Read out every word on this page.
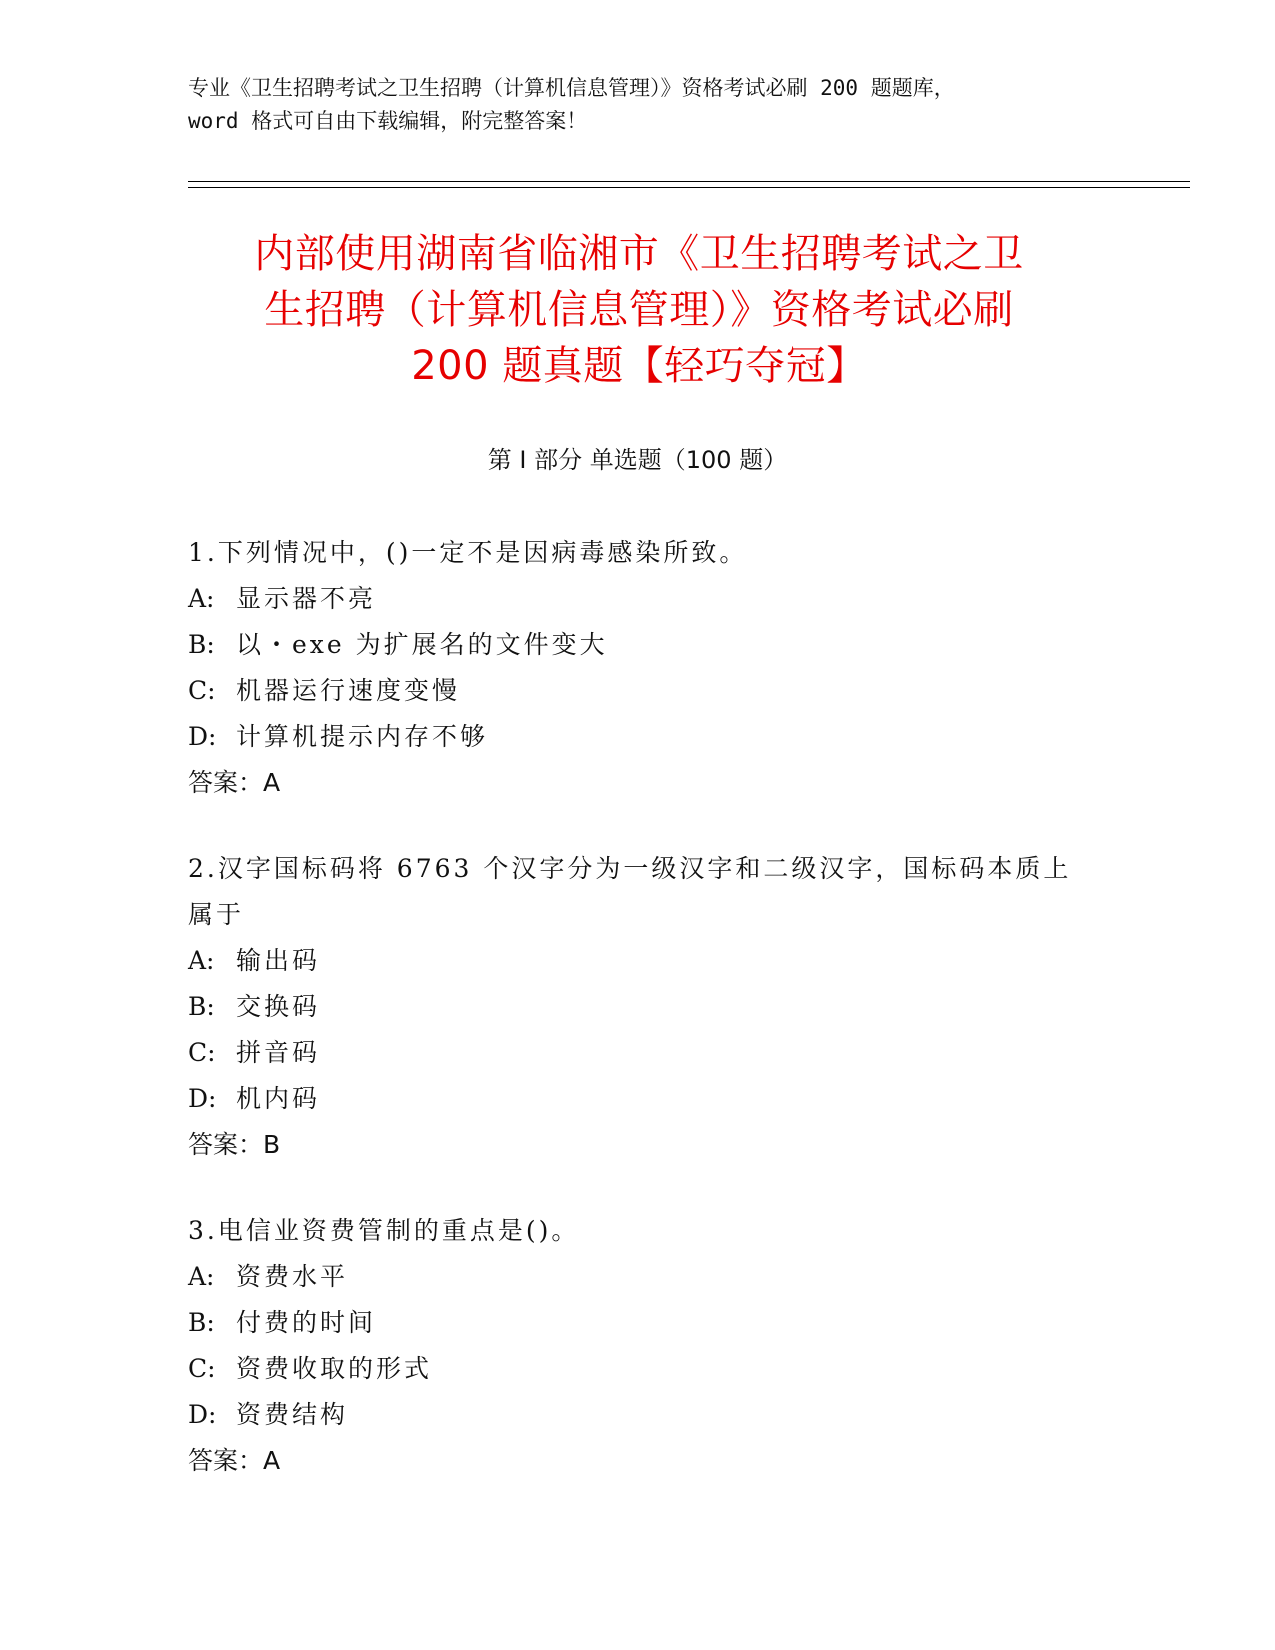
专业《卫生招聘考试之卫生招聘（计算机信息管理）》资格考试必刷 200 题题库，
word 格式可自由下载编辑，附完整答案！
内部使用湖南省临湘市《卫生招聘考试之卫
生招聘（计算机信息管理）》资格考试必刷
200 题真题【轻巧夺冠】
第 I 部分 单选题（100 题）
1.下列情况中，()一定不是因病毒感染所致。
A: 显示器不亮
B: 以・exe 为扩展名的文件变大
C: 机器运行速度变慢
D: 计算机提示内存不够
答案：A
2.汉字国标码将 6763 个汉字分为一级汉字和二级汉字，国标码本质上属于
A: 输出码
B: 交换码
C: 拼音码
D: 机内码
答案：B
3.电信业资费管制的重点是()。
A: 资费水平
B: 付费的时间
C: 资费收取的形式
D: 资费结构
答案：A
